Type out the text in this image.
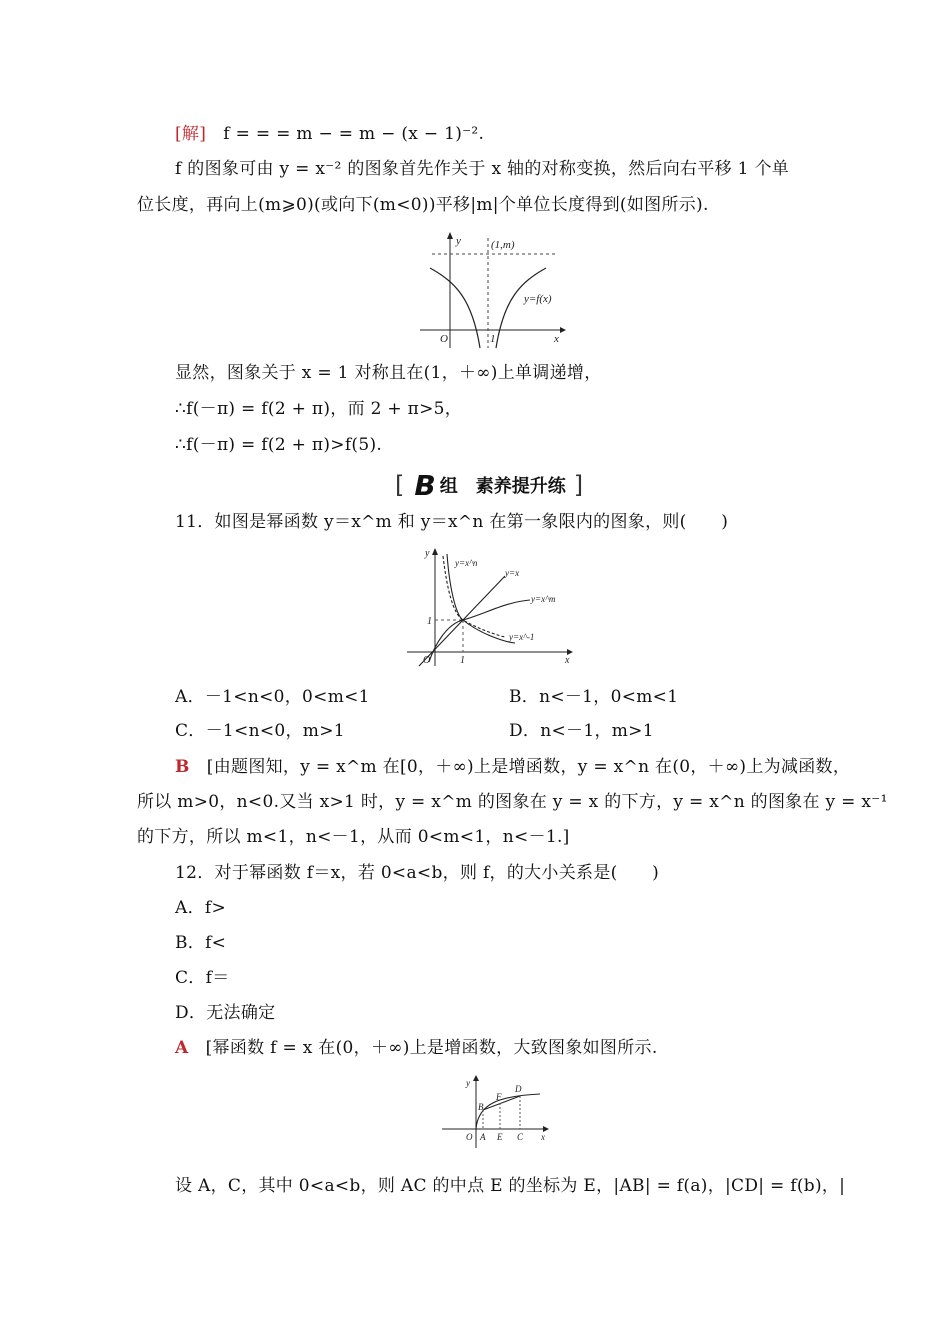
[解] f = = = m − = m − (x − 1)⁻².
f 的图象可由 y = x⁻² 的图象首先作关于 x 轴的对称变换，然后向右平移 1 个单
位长度，再向上(m⩾0)(或向下(m<0))平移|m|个单位长度得到(如图所示).
y	(1,m)
y=f(x)
O	1	x
显然，图象关于 x = 1 对称且在(1，＋∞)上单调递增，
∴f(－π) = f(2 + π)，而 2 + π>5，
∴f(－π) = f(2 + π)>f(5).
[ B 组　素养提升练 ]
11．如图是幂函数 y＝x^m 和 y＝x^n 在第一象限内的图象，则(　　)
y
y=x^n
y=x
y=x^m
y=x^-1
1
O	1	x
A．－1<n<0，0<m<1	B．n<－1，0<m<1
C．－1<n<0，m>1	D．n<－1，m>1
B [由题图知，y = x^m 在[0，＋∞)上是增函数，y = x^n 在(0，＋∞)上为减函数，
所以 m>0，n<0.又当 x>1 时，y = x^m 的图象在 y = x 的下方，y = x^n 的图象在 y = x⁻¹
的下方，所以 m<1，n<－1，从而 0<m<1，n<－1.]
12．对于幂函数 f＝x，若 0<a<b，则 f，的大小关系是(　　)
A．f>
B．f<
C．f＝
D．无法确定
A [幂函数 f = x 在(0，＋∞)上是增函数，大致图象如图所示.
y
B
F
D
O A E C x
设 A，C，其中 0<a<b，则 AC 的中点 E 的坐标为 E，|AB| = f(a)，|CD| = f(b)，|
